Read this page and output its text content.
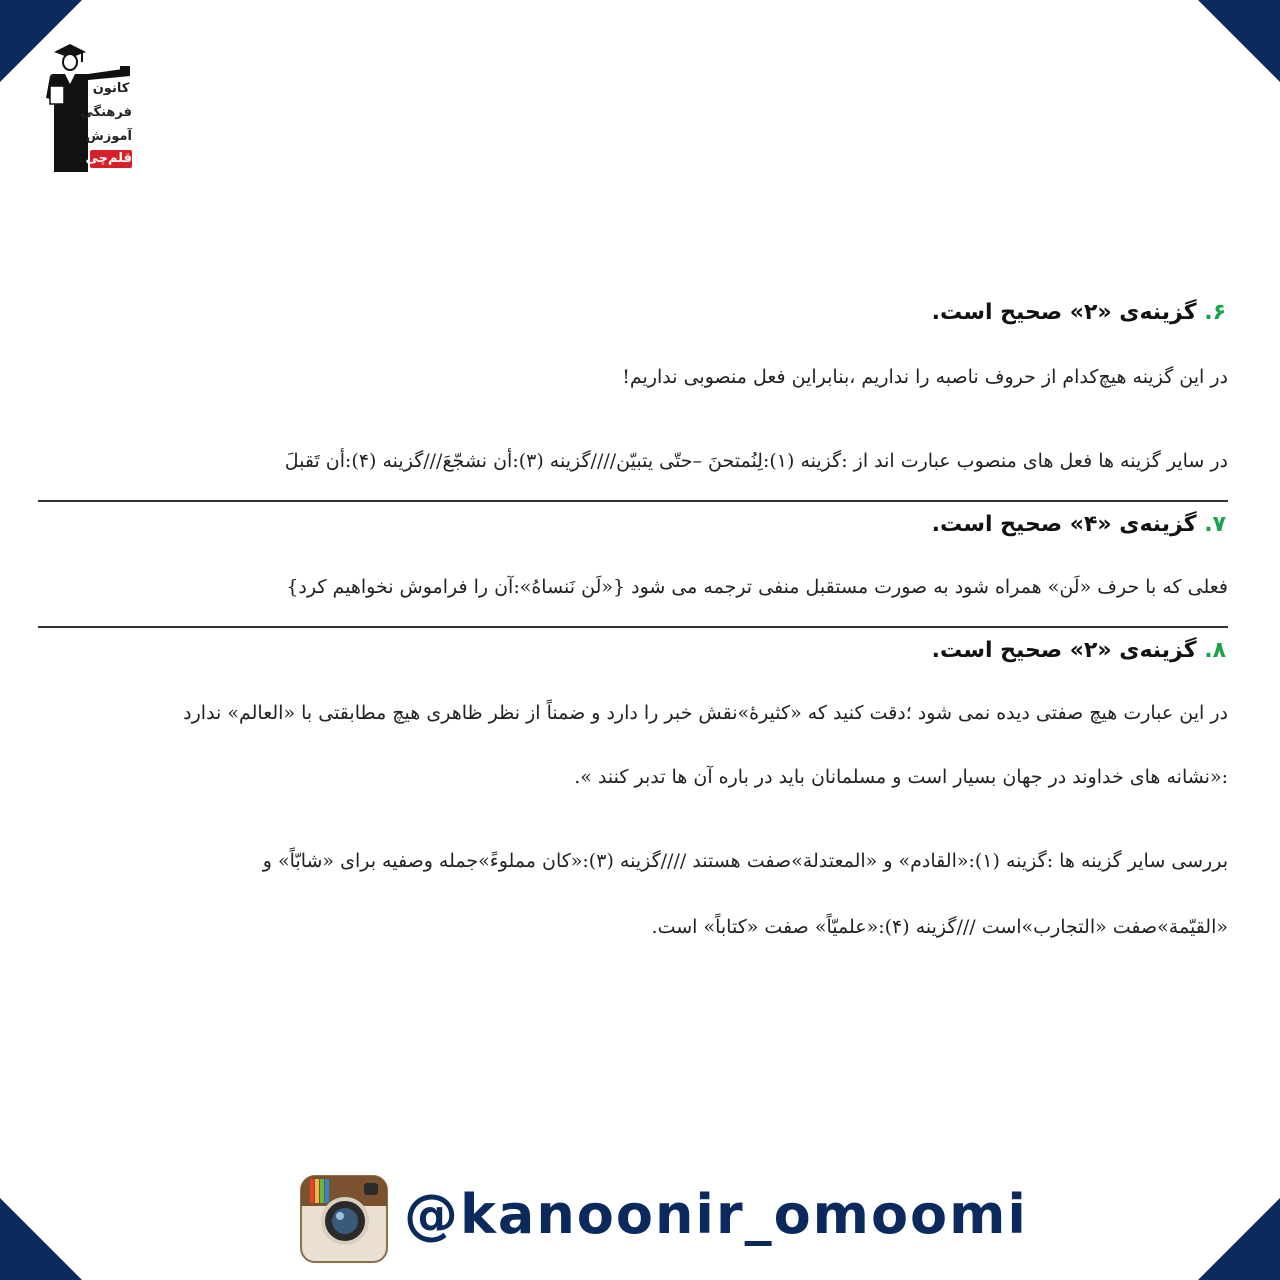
کانون
فرهنگی
آموزش
قلم‌چی
۶. گزینه‌ی «۲» صحیح است.

در این گزینه هیچ‌کدام از حروف ناصبه را نداریم ،بنابراین فعل منصوبی نداریم!

در سایر گزینه ها فعل های منصوب عبارت اند از :گزینه (۱):لِنُمتحنَ –حتّی یتبیّن////گزینه (۳):أن نشجّعَ///گزینه (۴):أن تَقبلَ

۷. گزینه‌ی «۴» صحیح است.

فعلی که با حرف «لَن» همراه شود به صورت مستقبل منفی ترجمه می شود {«لَن نَنساهُ»:آن را فراموش نخواهیم کرد}

۸. گزینه‌ی «۲» صحیح است.

در این عبارت هیچ صفتی دیده نمی شود ؛دقت کنید که «کثیرۀ»نقش خبر را دارد و ضمناً از نظر ظاهری هیچ مطابقتی با «العالم» ندارد

:«نشانه های خداوند در جهان بسیار است و مسلمانان باید در باره آن ها تدبر کنند ».

بررسی سایر گزینه ها :گزینه (۱):«القادم» و «المعتدلة»صفت هستند ////گزینه (۳):«کان مملوءً»جمله وصفیه برای «شابّاً» و

«القیّمة»صفت «التجارب»است ///گزینه (۴):«علمیّاً» صفت «کتاباً» است.

@kanoonir_omoomi
